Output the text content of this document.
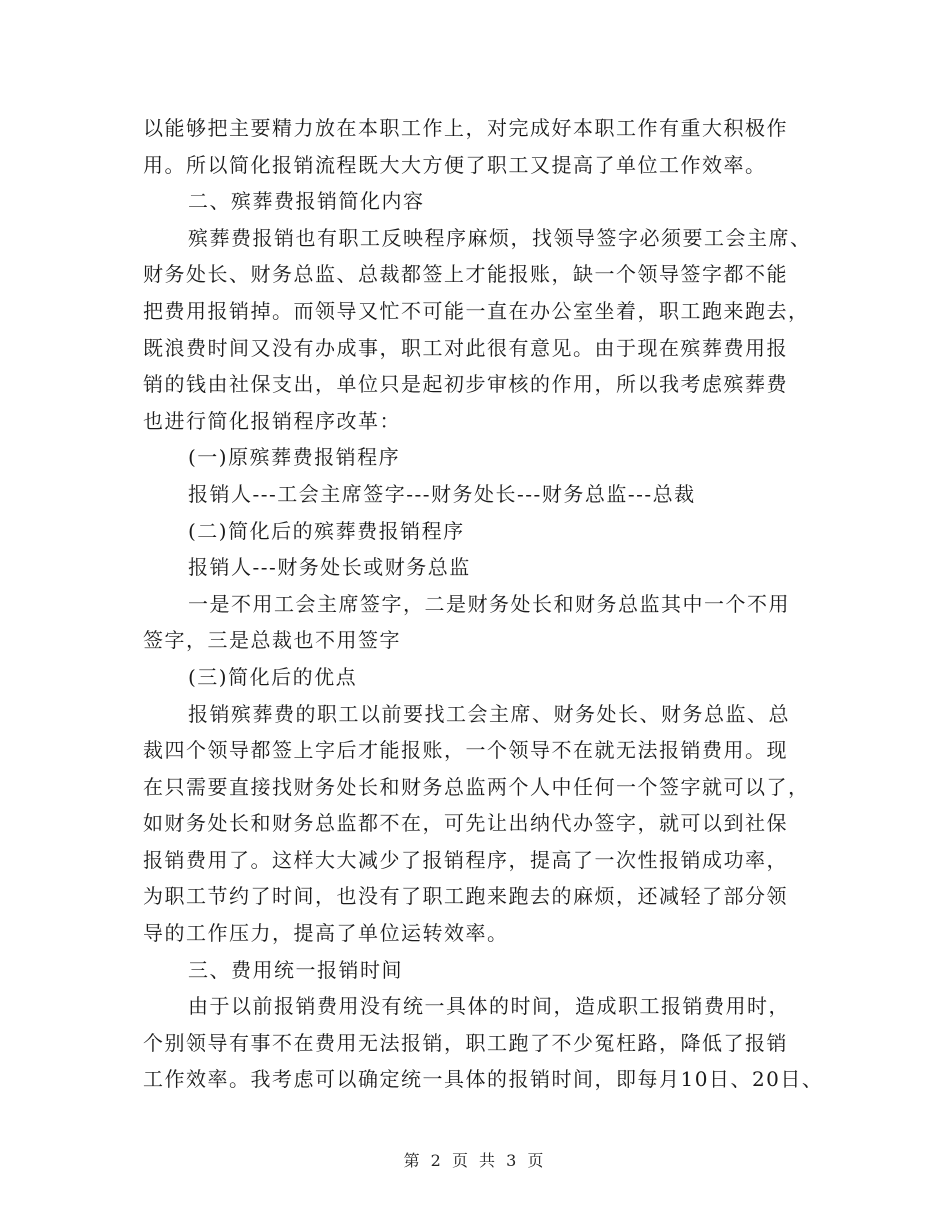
以能够把主要精力放在本职工作上，对完成好本职工作有重大积极作
用。所以简化报销流程既大大方便了职工又提高了单位工作效率。
二、殡葬费报销简化内容
殡葬费报销也有职工反映程序麻烦，找领导签字必须要工会主席、
财务处长、财务总监、总裁都签上才能报账，缺一个领导签字都不能
把费用报销掉。而领导又忙不可能一直在办公室坐着，职工跑来跑去，
既浪费时间又没有办成事，职工对此很有意见。由于现在殡葬费用报
销的钱由社保支出，单位只是起初步审核的作用，所以我考虑殡葬费
也进行简化报销程序改革：
(一)原殡葬费报销程序
报销人---工会主席签字---财务处长---财务总监---总裁
(二)简化后的殡葬费报销程序
报销人---财务处长或财务总监
一是不用工会主席签字，二是财务处长和财务总监其中一个不用
签字，三是总裁也不用签字
(三)简化后的优点
报销殡葬费的职工以前要找工会主席、财务处长、财务总监、总
裁四个领导都签上字后才能报账，一个领导不在就无法报销费用。现
在只需要直接找财务处长和财务总监两个人中任何一个签字就可以了，
如财务处长和财务总监都不在，可先让出纳代办签字，就可以到社保
报销费用了。这样大大减少了报销程序，提高了一次性报销成功率，
为职工节约了时间，也没有了职工跑来跑去的麻烦，还减轻了部分领
导的工作压力，提高了单位运转效率。
三、费用统一报销时间
由于以前报销费用没有统一具体的时间，造成职工报销费用时，
个别领导有事不在费用无法报销，职工跑了不少冤枉路，降低了报销
工作效率。我考虑可以确定统一具体的报销时间，即每月10日、20日、
第 2 页 共 3 页
